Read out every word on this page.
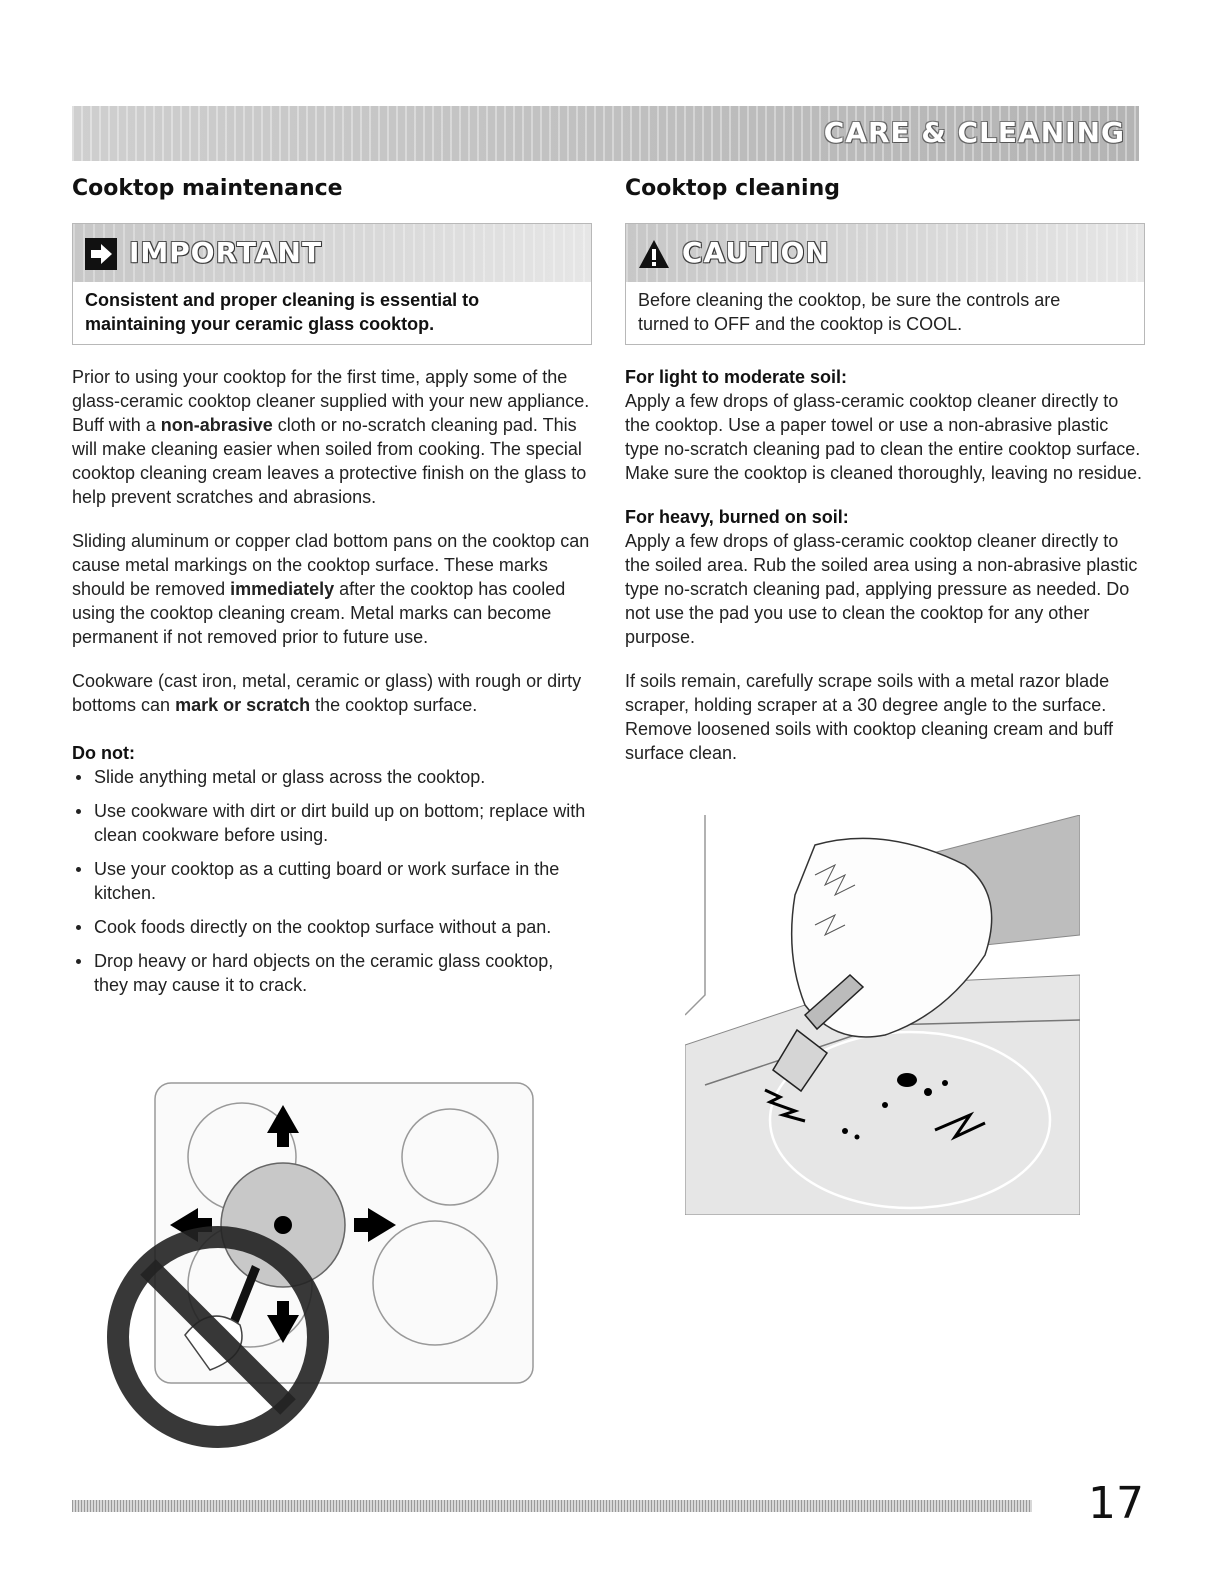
CARE & CLEANING
Cooktop maintenance
IMPORTANT
Consistent and proper cleaning is essential to
maintaining your ceramic glass cooktop.

Prior to using your cooktop for the first time, apply some of the glass-ceramic cooktop cleaner supplied with your new appliance. Buff with a non-abrasive cloth or no-scratch cleaning pad. This will make cleaning easier when soiled from cooking. The special cooktop cleaning cream leaves a protective finish on the glass to help prevent scratches and abrasions.

Sliding aluminum or copper clad bottom pans on the cooktop can cause metal markings on the cooktop surface. These marks should be removed immediately after the cooktop has cooled using the cooktop cleaning cream. Metal marks can become permanent if not removed prior to future use.

Cookware (cast iron, metal, ceramic or glass) with rough or dirty bottoms can mark or scratch the cooktop surface.

Do not:
Slide anything metal or glass across the cooktop.
Use cookware with dirt or dirt build up on bottom; replace with clean cookware before using.
Use your cooktop as a cutting board or work surface in the kitchen.
Cook foods directly on the cooktop surface without a pan.
Drop heavy or hard objects on the ceramic glass cooktop, they may cause it to crack.
Cooktop cleaning
CAUTION
Before cleaning the cooktop, be sure the controls are
turned to OFF and the cooktop is COOL.
For light to moderate soil:

Apply a few drops of glass-ceramic cooktop cleaner directly to the cooktop. Use a paper towel or use a non-abrasive plastic type no-scratch cleaning pad to clean the entire cooktop surface. Make sure the cooktop is cleaned thoroughly, leaving no residue.

For heavy, burned on soil:

Apply a few drops of glass-ceramic cooktop cleaner directly to the soiled area. Rub the soiled area using a non-abrasive plastic type no-scratch cleaning pad, applying pressure as needed. Do not use the pad you use to clean the cooktop for any other purpose.

If soils remain, carefully scrape soils with a metal razor blade scraper, holding scraper at a 30 degree angle to the surface. Remove loosened soils with cooktop cleaning cream and buff surface clean.

17
